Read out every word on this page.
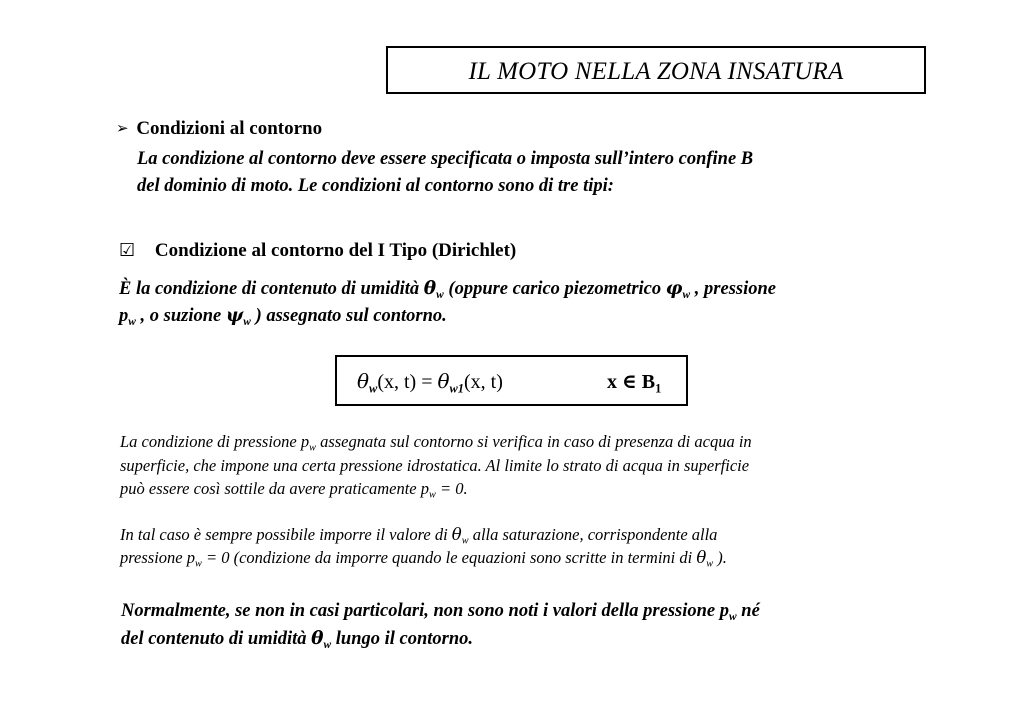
IL MOTO NELLA ZONA INSATURA
➢ Condizioni al contorno
La condizione al contorno deve essere specificata o imposta sull’intero confine B
del dominio di moto. Le condizioni al contorno sono di tre tipi:
☑ Condizione al contorno del I Tipo (Dirichlet)
È la condizione di contenuto di umidità $\theta_w$ (oppure carico piezometrico $\varphi_w$ , pressione
$p_w$ , o suzione $\psi_w$ ) assegnato sul contorno.
$\theta_w(x$, $t) = \theta_{w1}(x$, t)	x ∈ $B_1$
La condizione di pressione $p_w$ assegnata sul contorno si verifica in caso di presenza di acqua in
superficie, che impone una certa pressione idrostatica. Al limite lo strato di acqua in superficie
può essere così sottile da avere praticamente $p_w = 0$.
In tal caso è sempre possibile imporre il valore di $\theta_w$ alla saturazione, corrispondente alla
pressione $p_w = 0$ (condizione da imporre quando le equazioni sono scritte in termini di $\theta_w$ ).
Normalmente, se non in casi particolari, non sono noti i valori della pressione $p_w$ né
del contenuto di umidità $\theta_w$ lungo il contorno.
